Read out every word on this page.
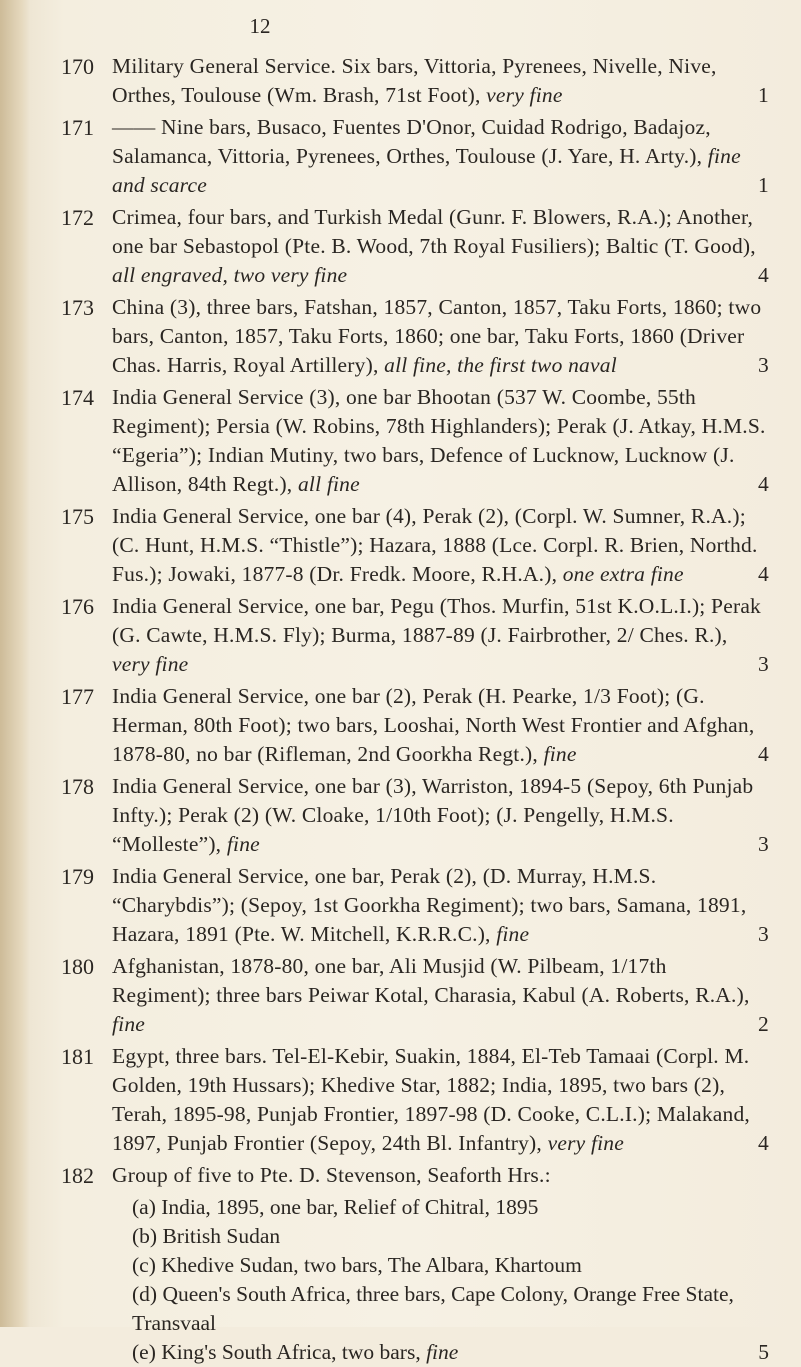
12
170 Military General Service. Six bars, Vittoria, Pyrenees, Nivelle, Nive, Orthes, Toulouse (Wm. Brash, 71st Foot), very fine	1
171 —— Nine bars, Busaco, Fuentes D'Onor, Cuidad Rodrigo, Badajoz, Salamanca, Vittoria, Pyrenees, Orthes, Toulouse (J. Yare, H. Arty.), fine and scarce	1
172 Crimea, four bars, and Turkish Medal (Gunr. F. Blowers, R.A.); Another, one bar Sebastopol (Pte. B. Wood, 7th Royal Fusiliers); Baltic (T. Good), all engraved, two very fine	4
173 China (3), three bars, Fatshan, 1857, Canton, 1857, Taku Forts, 1860; two bars, Canton, 1857, Taku Forts, 1860; one bar, Taku Forts, 1860 (Driver Chas. Harris, Royal Artillery), all fine, the first two naval	3
174 India General Service (3), one bar Bhootan (537 W. Coombe, 55th Regiment); Persia (W. Robins, 78th Highlanders); Perak (J. Atkay, H.M.S. “Egeria”); Indian Mutiny, two bars, Defence of Lucknow, Lucknow (J. Allison, 84th Regt.), all fine	4
175 India General Service, one bar (4), Perak (2), (Corpl. W. Sumner, R.A.); (C. Hunt, H.M.S. “Thistle”); Hazara, 1888 (Lce. Corpl. R. Brien, Northd. Fus.); Jowaki, 1877-8 (Dr. Fredk. Moore, R.H.A.), one extra fine	4
176 India General Service, one bar, Pegu (Thos. Murfin, 51st K.O.L.I.); Perak (G. Cawte, H.M.S. Fly); Burma, 1887-89 (J. Fairbrother, 2/ Ches. R.), very fine	3
177 India General Service, one bar (2), Perak (H. Pearke, 1/3 Foot); (G. Herman, 80th Foot); two bars, Looshai, North West Frontier and Afghan, 1878-80, no bar (Rifleman, 2nd Goorkha Regt.), fine	4
178 India General Service, one bar (3), Warriston, 1894-5 (Sepoy, 6th Punjab Infty.); Perak (2) (W. Cloake, 1/10th Foot); (J. Pengelly, H.M.S. “Molleste”), fine	3
179 India General Service, one bar, Perak (2), (D. Murray, H.M.S. “Charybdis”); (Sepoy, 1st Goorkha Regiment); two bars, Samana, 1891, Hazara, 1891 (Pte. W. Mitchell, K.R.R.C.), fine	3
180 Afghanistan, 1878-80, one bar, Ali Musjid (W. Pilbeam, 1/17th Regiment); three bars Peiwar Kotal, Charasia, Kabul (A. Roberts, R.A.), fine	2
181 Egypt, three bars. Tel-El-Kebir, Suakin, 1884, El-Teb Tamaai (Corpl. M. Golden, 19th Hussars); Khedive Star, 1882; India, 1895, two bars (2), Terah, 1895-98, Punjab Frontier, 1897-98 (D. Cooke, C.L.I.); Malakand, 1897, Punjab Frontier (Sepoy, 24th Bl. Infantry), very fine	4
182 Group of five to Pte. D. Stevenson, Seaforth Hrs.:
(a) India, 1895, one bar, Relief of Chitral, 1895
(b) British Sudan
(c) Khedive Sudan, two bars, The Albara, Khartoum
(d) Queen's South Africa, three bars, Cape Colony, Orange Free State, Transvaal
(e) King's South Africa, two bars, fine	5
